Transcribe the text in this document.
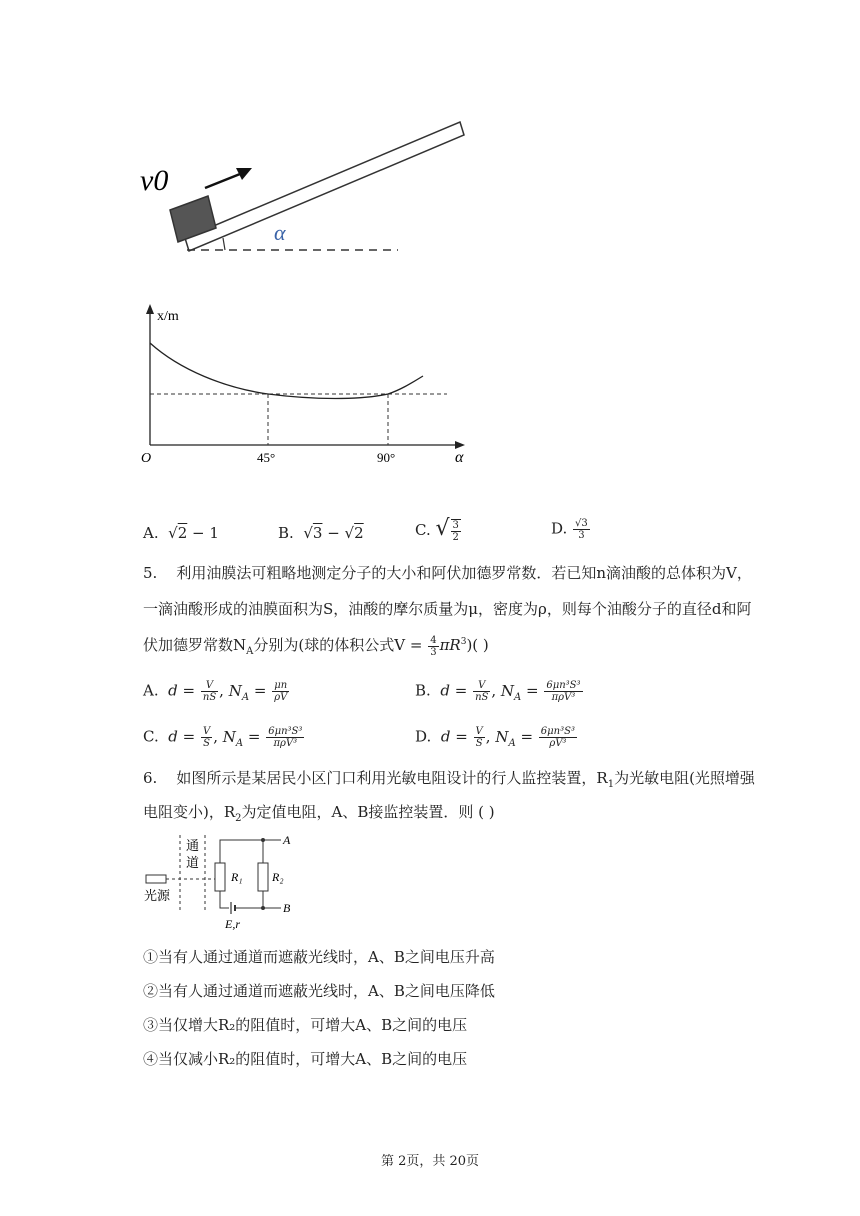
v0
α
x/m
O	45°	90°	α
A.  √2 − 1	B.  √3 − √2	C. √ $\frac{3}{2}$	D. $\frac{√3}{3}$
5. 利用油膜法可粗略地测定分子的大小和阿伏加德罗常数．若已知n滴油酸的总体积为V，
一滴油酸形成的油膜面积为S，油酸的摩尔质量为μ，密度为ρ，则每个油酸分子的直径d和阿
伏加德罗常数$N_A$分别为(球的体积公式$V = \frac{4}{3} \pi R^3$)( )
A.  $d = \frac{V}{nS}$ , $N_A = \frac{\mu n}{\rho V}$	B.  $d = \frac{V}{nS}$ , $N_A = \frac{\text{6μn³S³}}{\text{πρV³}}$
C.  $d = \frac{V}{S}$ , $N_A = \frac{\text{6μn³S³}}{\text{πρV³}}$	D.  $d = \frac{V}{S}$ , $N_A = \frac{\text{6μn³S³}}{\text{ρV³}}$
6. 如图所示是某居民小区门口利用光敏电阻设计的行人监控装置，$R_1$为光敏电阻(光照增强
电阻变小)，$R_2$为定值电阻，A、B接监控装置．则 ( )
通
道
光源
R₁ R₂
A
B
E,r
①当有人通过通道而遮蔽光线时，A、B之间电压升高
②当有人通过通道而遮蔽光线时，A、B之间电压降低
③当仅增大R₂的阻值时，可增大A、B之间的电压
④当仅减小R₂的阻值时，可增大A、B之间的电压
第 2页，共 20页
